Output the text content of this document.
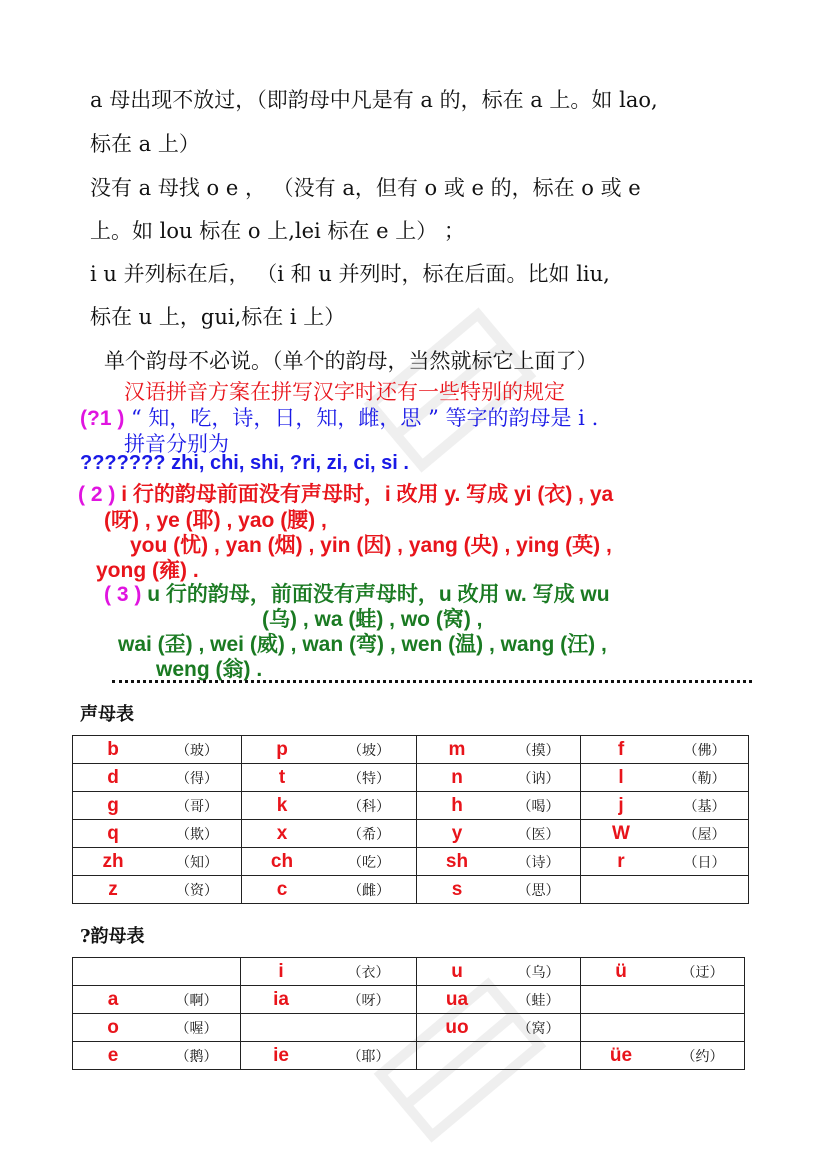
a 母出现不放过，（即韵母中凡是有 a 的，标在 a 上。如 lao,
标在 a 上）
没有 a 母找 o e ， （没有 a，但有 o 或 e 的，标在 o 或 e
上。如 lou 标在 o 上,lei 标在 e 上） ；
i u 并列标在后， （i 和 u 并列时，标在后面。比如 liu,
标在 u 上，gui,标在 i 上）
单个韵母不必说。（单个的韵母，当然就标它上面了）
汉语拼音方案在拼写汉字时还有一些特别的规定
(?1 ) “ 知，吃，诗，日，知，雌，思 ” 等字的韵母是 i .
拼音分别为
??????? zhi, chi, shi, ?ri, zi, ci, si .
( 2 ) i 行的韵母前面没有声母时，i 改用 y. 写成 yi (衣) , ya
(呀) , ye (耶) , yao (腰) ,
you (忧) , yan (烟) , yin (因) , yang (央) , ying (英) ,
yong (雍) .
( 3 ) u 行的韵母，前面没有声母时，u 改用 w. 写成 wu
(乌) , wa (蛙) , wo (窝) ,
wai (歪) , wei (威) , wan (弯) , wen (温) , wang (汪) ,
weng (翁) .
声母表
b （玻）	p （坡）	m （摸）	f （佛）

d （得）	t （特）	n （讷）	l （勒）

g （哥）	k （科）	h （喝）	j （基）

q （欺）	x （希）	y （医）	W （屋）

zh （知）	ch （吃）	sh （诗）	r （日）

z （资）	c （雌）	s （思）	

?韵母表

	i （衣）	u （乌）	ü （迂）

a （啊）	ia （呀）	ua （蛙）	

o （喔）		uo （窝）	

e （鹅）	ie （耶）		üe （约）
